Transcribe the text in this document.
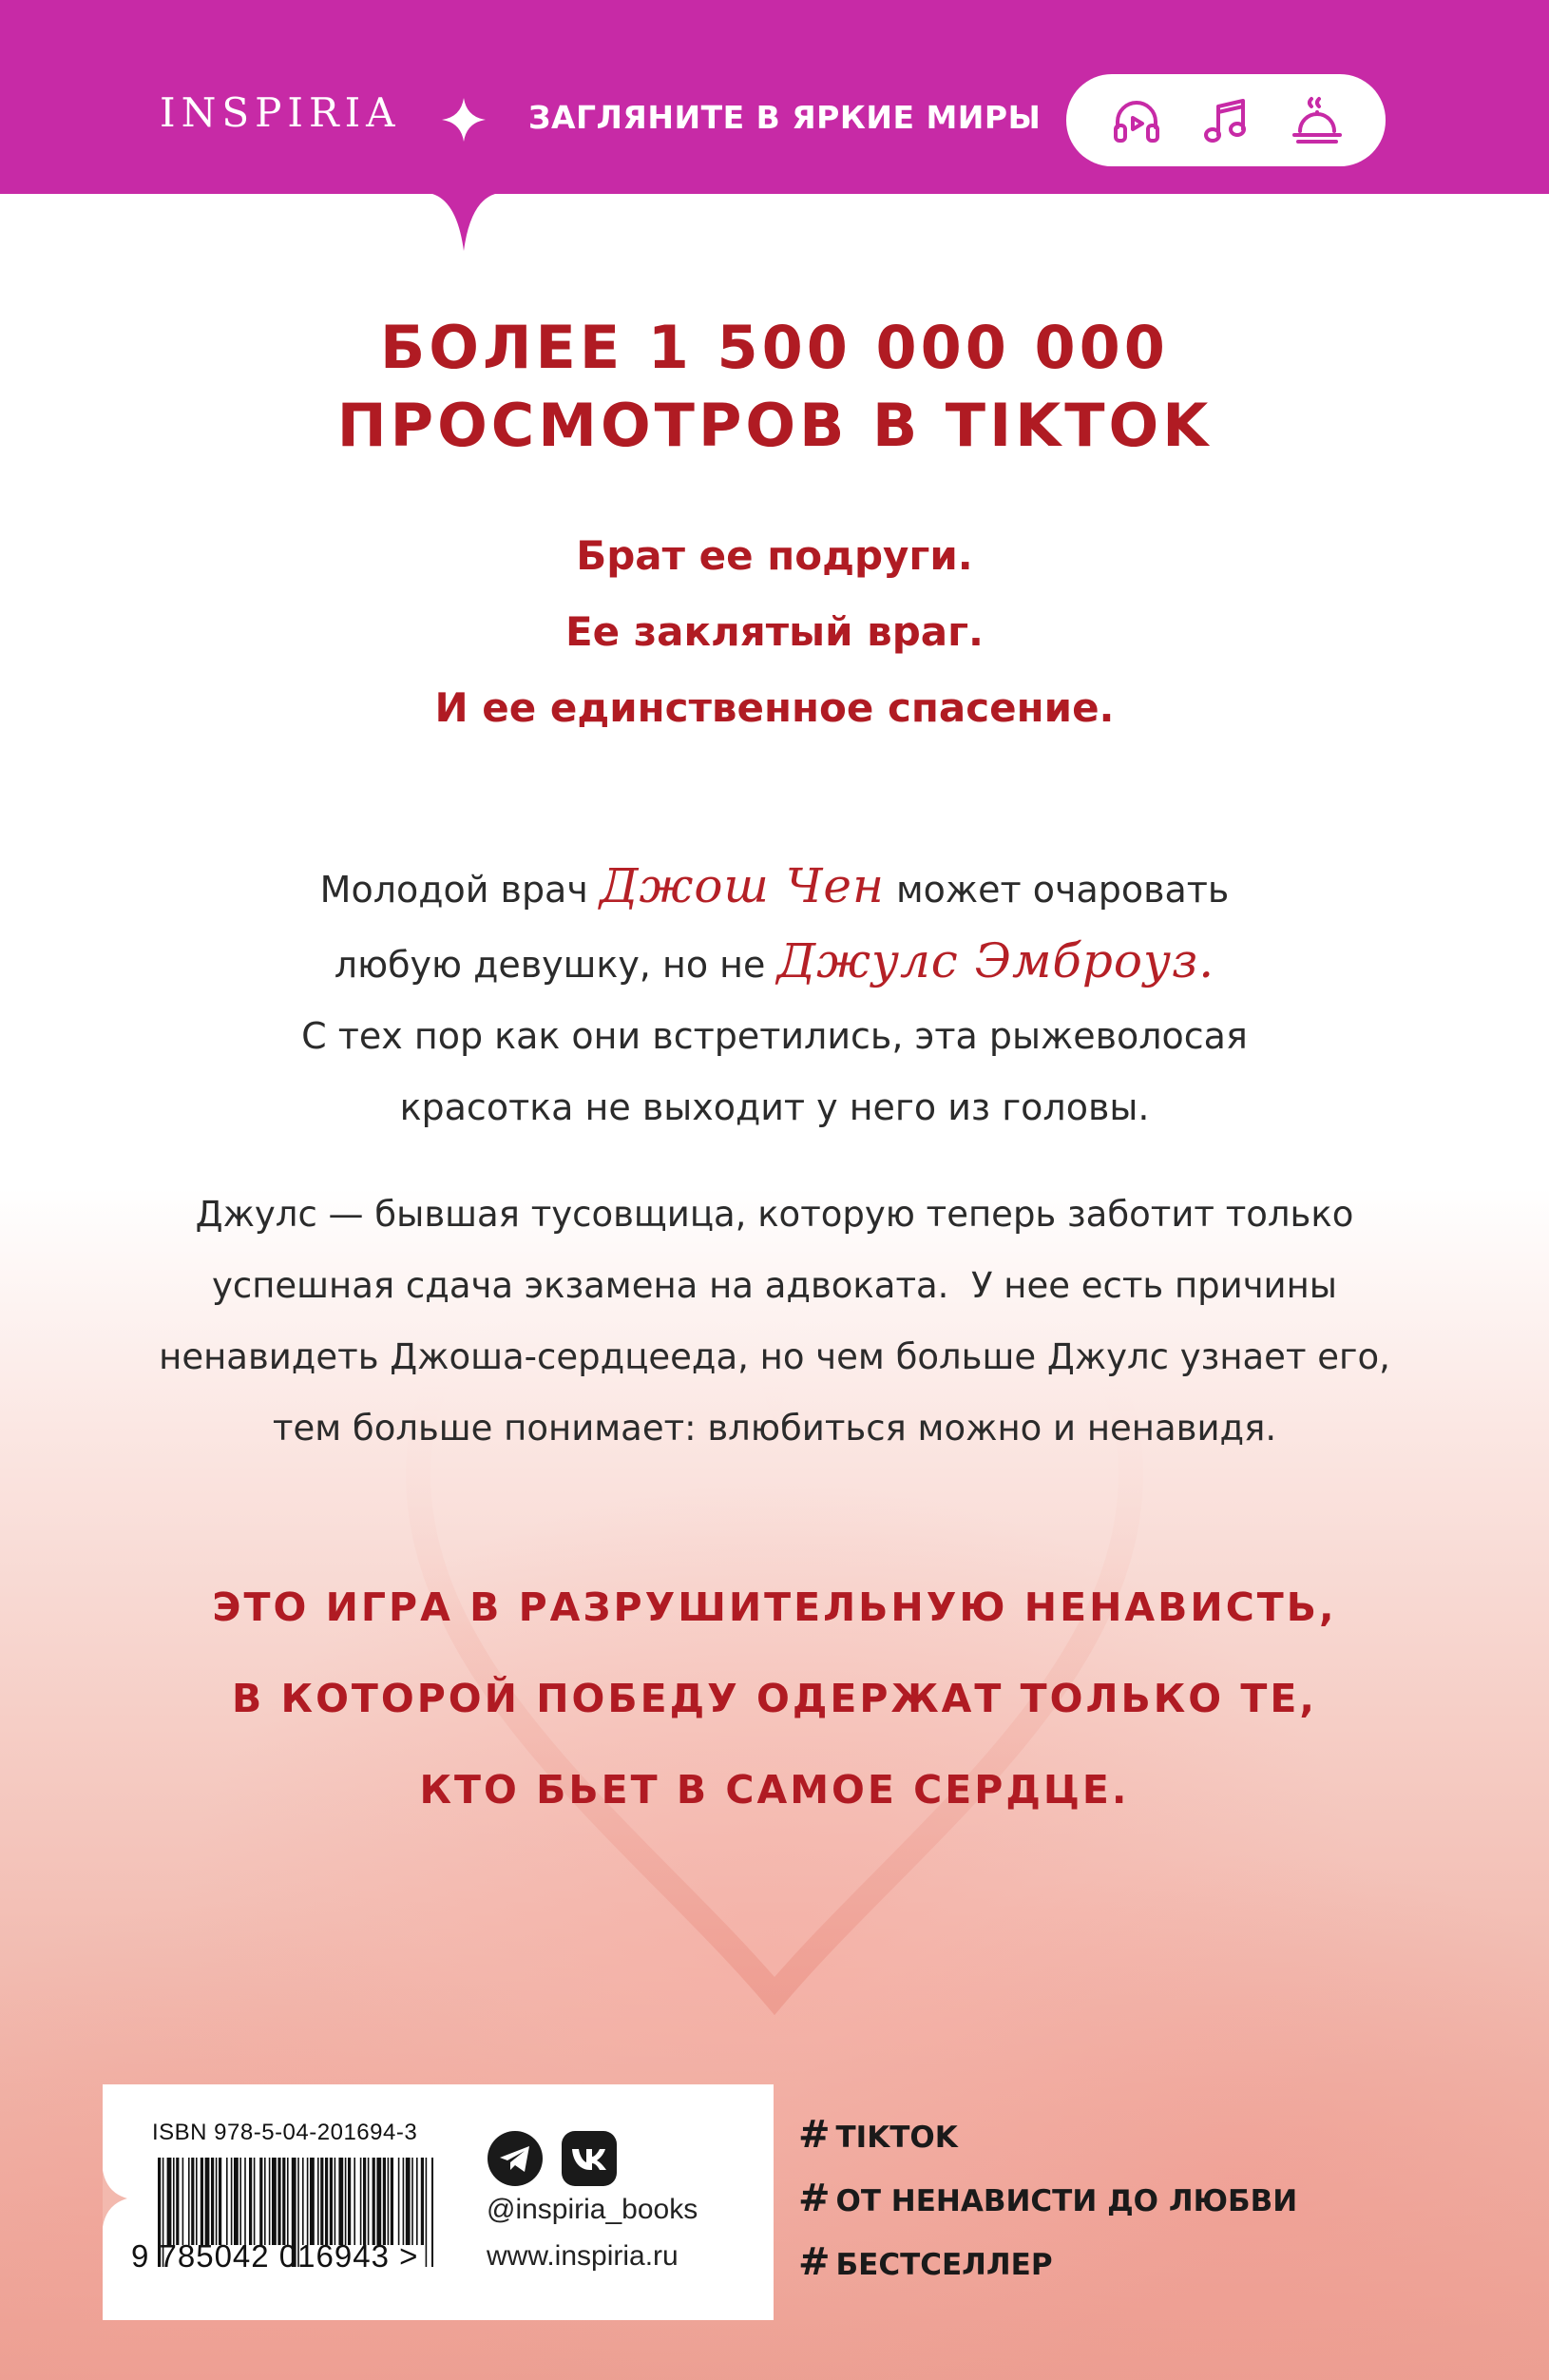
INSPIRIA	ЗАГЛЯНИТЕ В ЯРКИЕ МИРЫ
БОЛЕЕ 1 500 000 000
ПРОСМОТРОВ В TIKTOK
Брат ее подруги.
Ее заклятый враг.
И ее единственное спасение.
Молодой врач Джош Чен может очаровать
любую девушку, но не Джулс Эмброуз.
С тех пор как они встретились, эта рыжеволосая
красотка не выходит у него из головы.
Джулс — бывшая тусовщица, которую теперь заботит только
успешная сдача экзамена на адвоката.  У нее есть причины
ненавидеть Джоша-сердцееда, но чем больше Джулс узнает его,
тем больше понимает: влюбиться можно и ненавидя.
ЭТО ИГРА В РАЗРУШИТЕЛЬНУЮ НЕНАВИСТЬ,
В КОТОРОЙ ПОБЕДУ ОДЕРЖАТ ТОЛЬКО ТЕ,
КТО БЬЕТ В САМОЕ СЕРДЦЕ.
ISBN 978-5-04-201694-3
9 785042 016943 >
@inspiria_books
www.inspiria.ru
# TIKTOK
# ОТ НЕНАВИСТИ ДО ЛЮБВИ
# БЕСТСЕЛЛЕР
